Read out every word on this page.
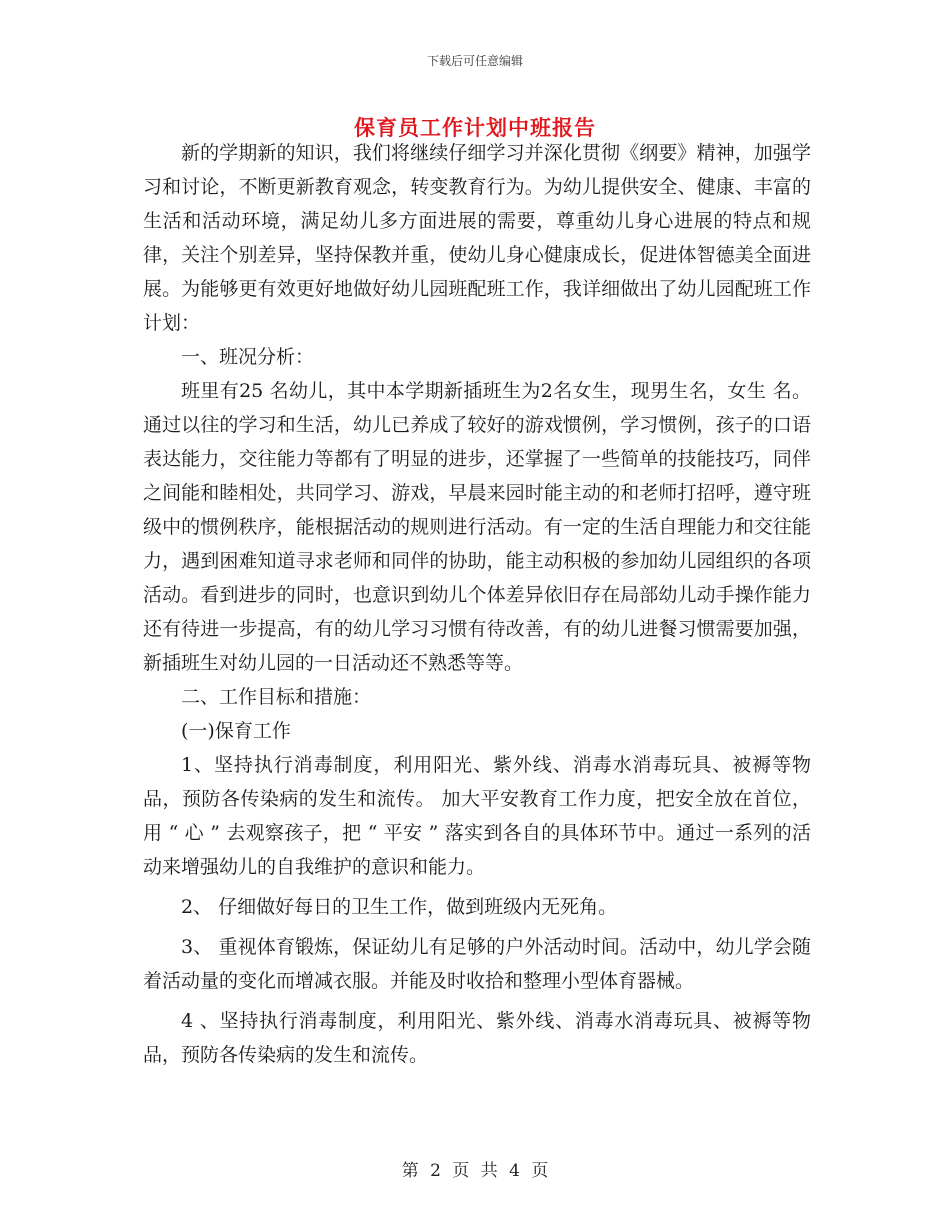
下载后可任意编辑
保育员工作计划中班报告

新的学期新的知识，我们将继续仔细学习并深化贯彻《纲要》精神，加强学习和讨论，不断更新教育观念，转变教育行为。为幼儿提供安全、健康、丰富的生活和活动环境，满足幼儿多方面进展的需要，尊重幼儿身心进展的特点和规律，关注个别差异，坚持保教并重，使幼儿身心健康成长，促进体智德美全面进展。为能够更有效更好地做好幼儿园班配班工作，我详细做出了幼儿园配班工作计划：

一、班况分析：

班里有25 名幼儿，其中本学期新插班生为2名女生，现男生名，女生 名。通过以往的学习和生活，幼儿已养成了较好的游戏惯例，学习惯例，孩子的口语表达能力，交往能力等都有了明显的进步，还掌握了一些简单的技能技巧，同伴之间能和睦相处，共同学习、游戏，早晨来园时能主动的和老师打招呼，遵守班级中的惯例秩序，能根据活动的规则进行活动。有一定的生活自理能力和交往能力，遇到困难知道寻求老师和同伴的协助，能主动积极的参加幼儿园组织的各项活动。看到进步的同时，也意识到幼儿个体差异依旧存在局部幼儿动手操作能力还有待进一步提高，有的幼儿学习习惯有待改善，有的幼儿进餐习惯需要加强，新插班生对幼儿园的一日活动还不熟悉等等。

二、工作目标和措施：

(一)保育工作

1、坚持执行消毒制度，利用阳光、紫外线、消毒水消毒玩具、被褥等物品，预防各传染病的发生和流传。 加大平安教育工作力度，把安全放在首位，用 “ 心 ” 去观察孩子，把 “ 平安 ” 落实到各自的具体环节中。通过一系列的活动来增强幼儿的自我维护的意识和能力。

2、 仔细做好每日的卫生工作，做到班级内无死角。

3、 重视体育锻炼，保证幼儿有足够的户外活动时间。活动中，幼儿学会随着活动量的变化而增减衣服。并能及时收拾和整理小型体育器械。

4 、坚持执行消毒制度，利用阳光、紫外线、消毒水消毒玩具、被褥等物品，预防各传染病的发生和流传。

第 2 页 共 4 页
